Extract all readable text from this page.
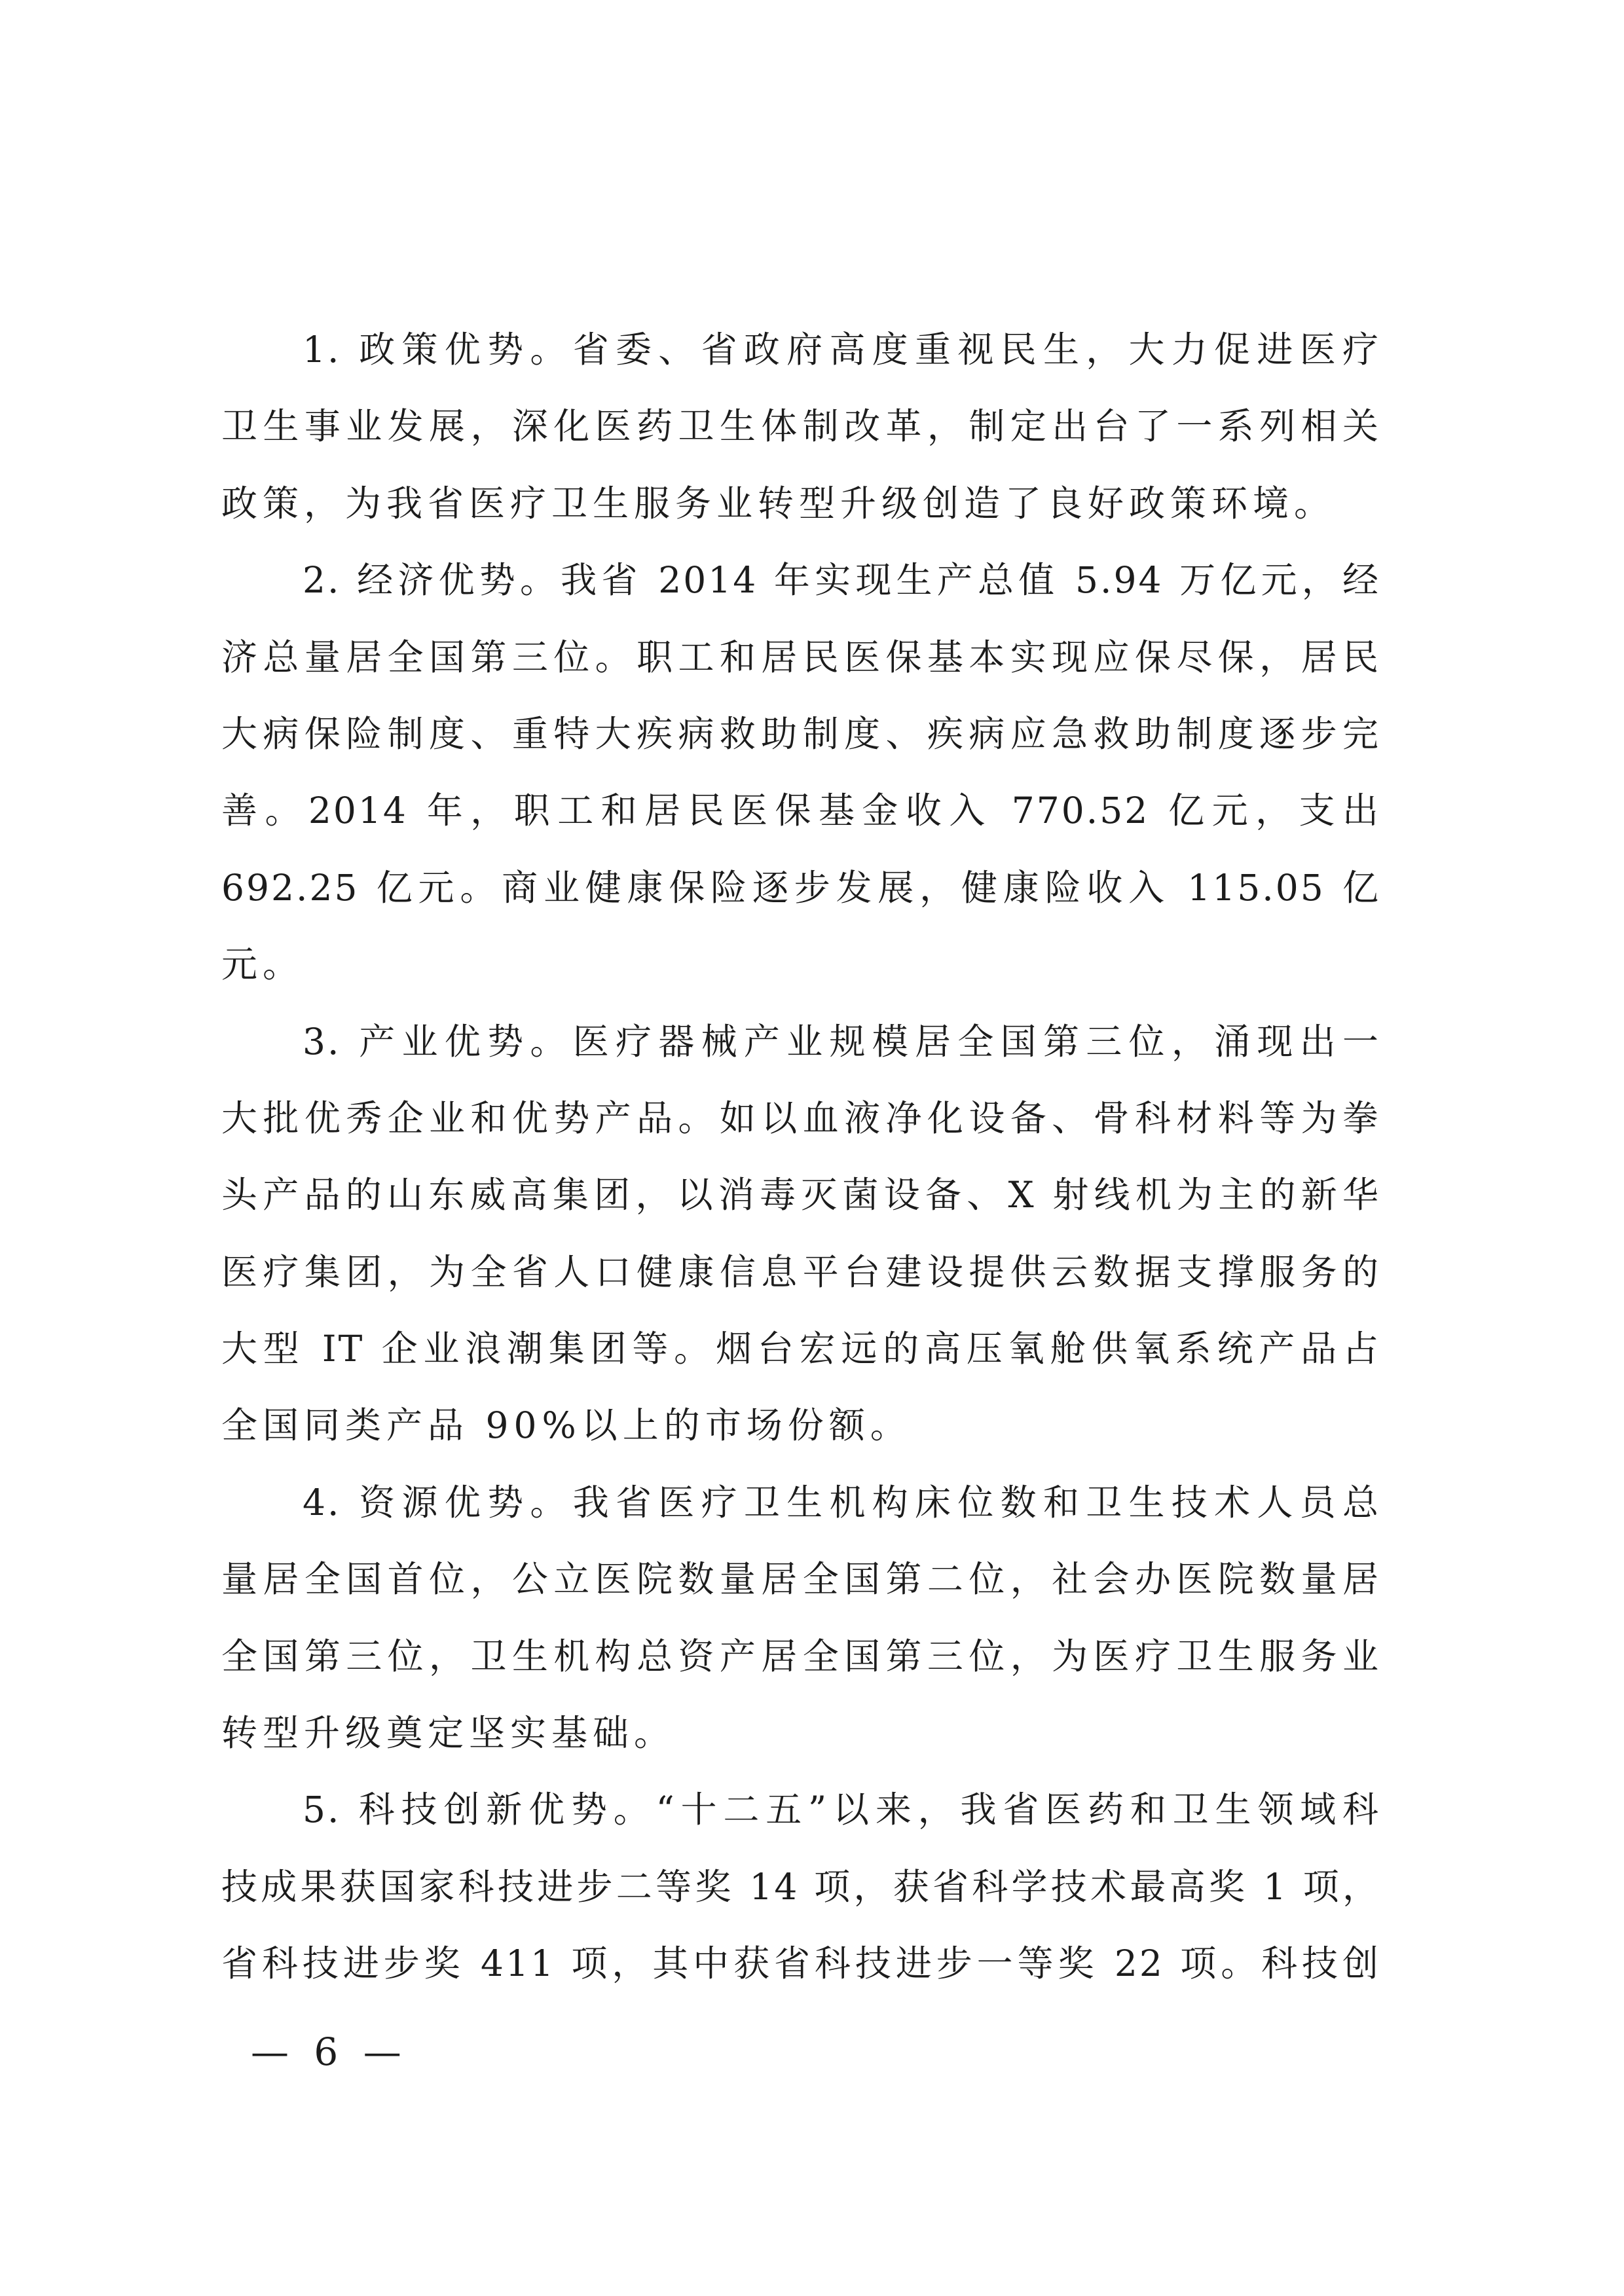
1. 政策优势。省委、省政府高度重视民生，大力促进医疗
卫生事业发展，深化医药卫生体制改革，制定出台了一系列相关
政策，为我省医疗卫生服务业转型升级创造了良好政策环境。
2. 经济优势。我省 2014 年实现生产总值 5.94 万亿元，经
济总量居全国第三位。职工和居民医保基本实现应保尽保，居民
大病保险制度、重特大疾病救助制度、疾病应急救助制度逐步完
善。2014 年，职工和居民医保基金收入 770.52 亿元，支出
692.25 亿元。商业健康保险逐步发展，健康险收入 115.05 亿
元。
3. 产业优势。医疗器械产业规模居全国第三位，涌现出一
大批优秀企业和优势产品。如以血液净化设备、骨科材料等为拳
头产品的山东威高集团，以消毒灭菌设备、X 射线机为主的新华
医疗集团，为全省人口健康信息平台建设提供云数据支撑服务的
大型 IT 企业浪潮集团等。烟台宏远的高压氧舱供氧系统产品占
全国同类产品 90%以上的市场份额。
4. 资源优势。我省医疗卫生机构床位数和卫生技术人员总
量居全国首位，公立医院数量居全国第二位，社会办医院数量居
全国第三位，卫生机构总资产居全国第三位，为医疗卫生服务业
转型升级奠定坚实基础。
5. 科技创新优势。“十二五”以来，我省医药和卫生领域科
技成果获国家科技进步二等奖 14 项，获省科学技术最高奖 1 项，
省科技进步奖 411 项，其中获省科技进步一等奖 22 项。科技创
— 6 —
